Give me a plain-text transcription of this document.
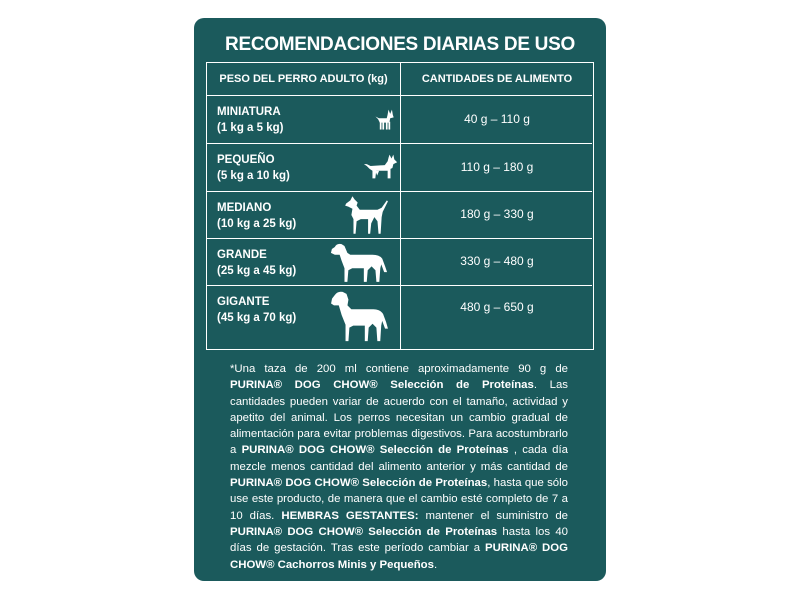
RECOMENDACIONES DIARIAS DE USO
PESO DEL PERRO ADULTO (kg)	CANTIDADES DE ALIMENTO
MINIATURA
(1 kg a 5 kg)
40 g – 110 g
PEQUEÑO
(5 kg a 10 kg)
110 g – 180 g
MEDIANO
(10 kg a 25 kg)
180 g – 330 g
GRANDE
(25 kg a 45 kg)
330 g – 480 g
GIGANTE
(45 kg a 70 kg)
480 g – 650 g
*Una taza de 200 ml contiene aproximadamente 90 g de PURINA® DOG CHOW® Selección de Proteínas. Las cantidades pueden variar de acuerdo con el tamaño, actividad y apetito del animal. Los perros necesitan un cambio gradual de alimentación para evitar problemas digestivos. Para acostumbrarlo a PURINA® DOG CHOW® Selección de Proteínas , cada día mezcle menos cantidad del alimento anterior y más cantidad de PURINA® DOG CHOW® Selección de Proteínas, hasta que sólo use este producto, de manera que el cambio esté completo de 7 a 10 días. HEMBRAS GESTANTES: mantener el suministro de PURINA® DOG CHOW® Selección de Proteínas hasta los 40 días de gestación. Tras este período cambiar a PURINA® DOG CHOW® Cachorros Minis y Pequeños.
